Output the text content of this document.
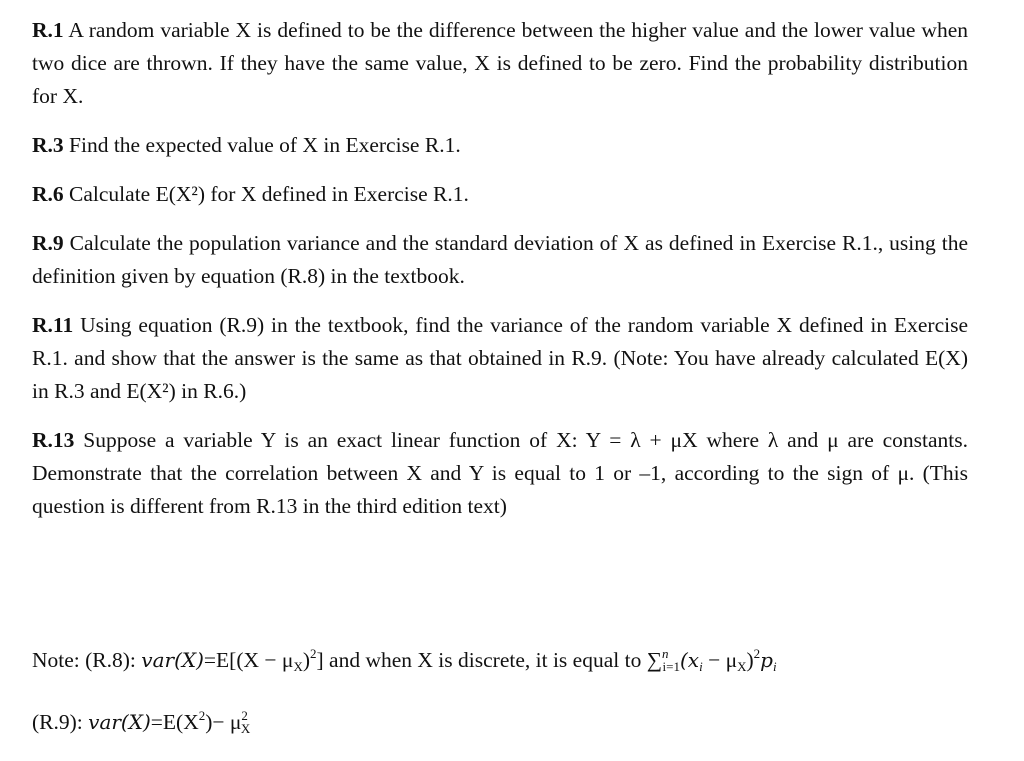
R.1 A random variable X is defined to be the difference between the higher value and the lower value when two dice are thrown. If they have the same value, X is defined to be zero. Find the probability distribution for X.

R.3 Find the expected value of X in Exercise R.1.

R.6 Calculate E(X²) for X defined in Exercise R.1.

R.9 Calculate the population variance and the standard deviation of X as defined in Exercise R.1., using the definition given by equation (R.8) in the textbook.

R.11 Using equation (R.9) in the textbook, find the variance of the random variable X defined in Exercise R.1. and show that the answer is the same as that obtained in R.9. (Note: You have already calculated E(X) in R.3 and E(X²) in R.6.)

R.13 Suppose a variable Y is an exact linear function of X: Y = λ + μX where λ and μ are constants. Demonstrate that the correlation between X and Y is equal to 1 or –1, according to the sign of μ. (This question is different from R.13 in the third edition text)

Note: (R.8): $var(X)=E[(X - \mu_X)^2]$ and when X is discrete, it is equal to $\sum^n_{i=1}(x_i - \mu_X)^2p_i$

(R.9): $var(X)=E(X^2)- \mu^2_X$
